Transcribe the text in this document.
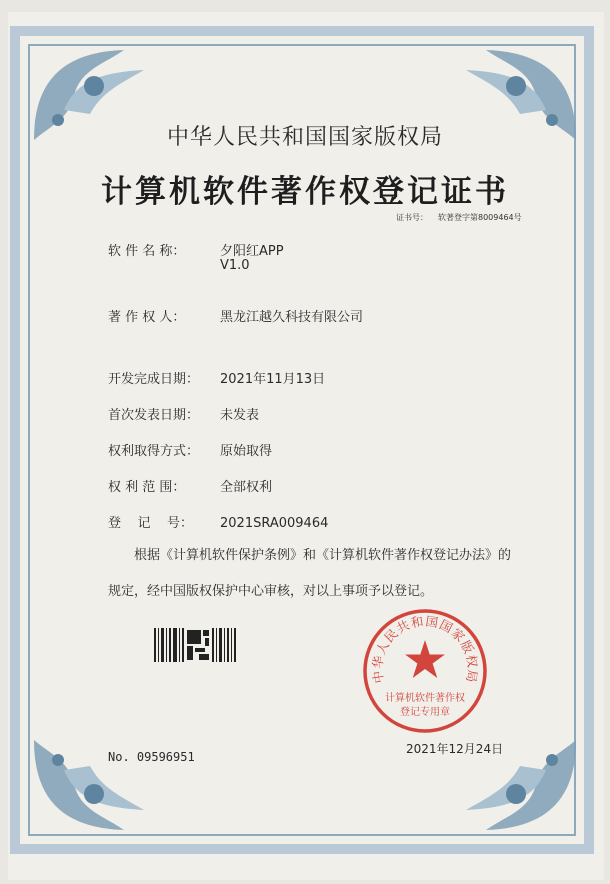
中华人民共和国国家版权局
计算机软件著作权登记证书
证书号： 软著登字第8009464号
软 件 名 称：	夕阳红APP
V1.0
著 作 权 人：	黑龙江越久科技有限公司
开发完成日期： 2021年11月13日
首次发表日期： 未发表
权利取得方式： 原始取得
权 利 范 围：	全部权利
登    记    号： 2021SRA009464
根据《计算机软件保护条例》和《计算机软件著作权登记办法》的
规定，经中国版权保护中心审核，对以上事项予以登记。
No. 09596951
中华人民共和国国家版权局
计算机软件著作权
登记专用章
2021年12月24日
